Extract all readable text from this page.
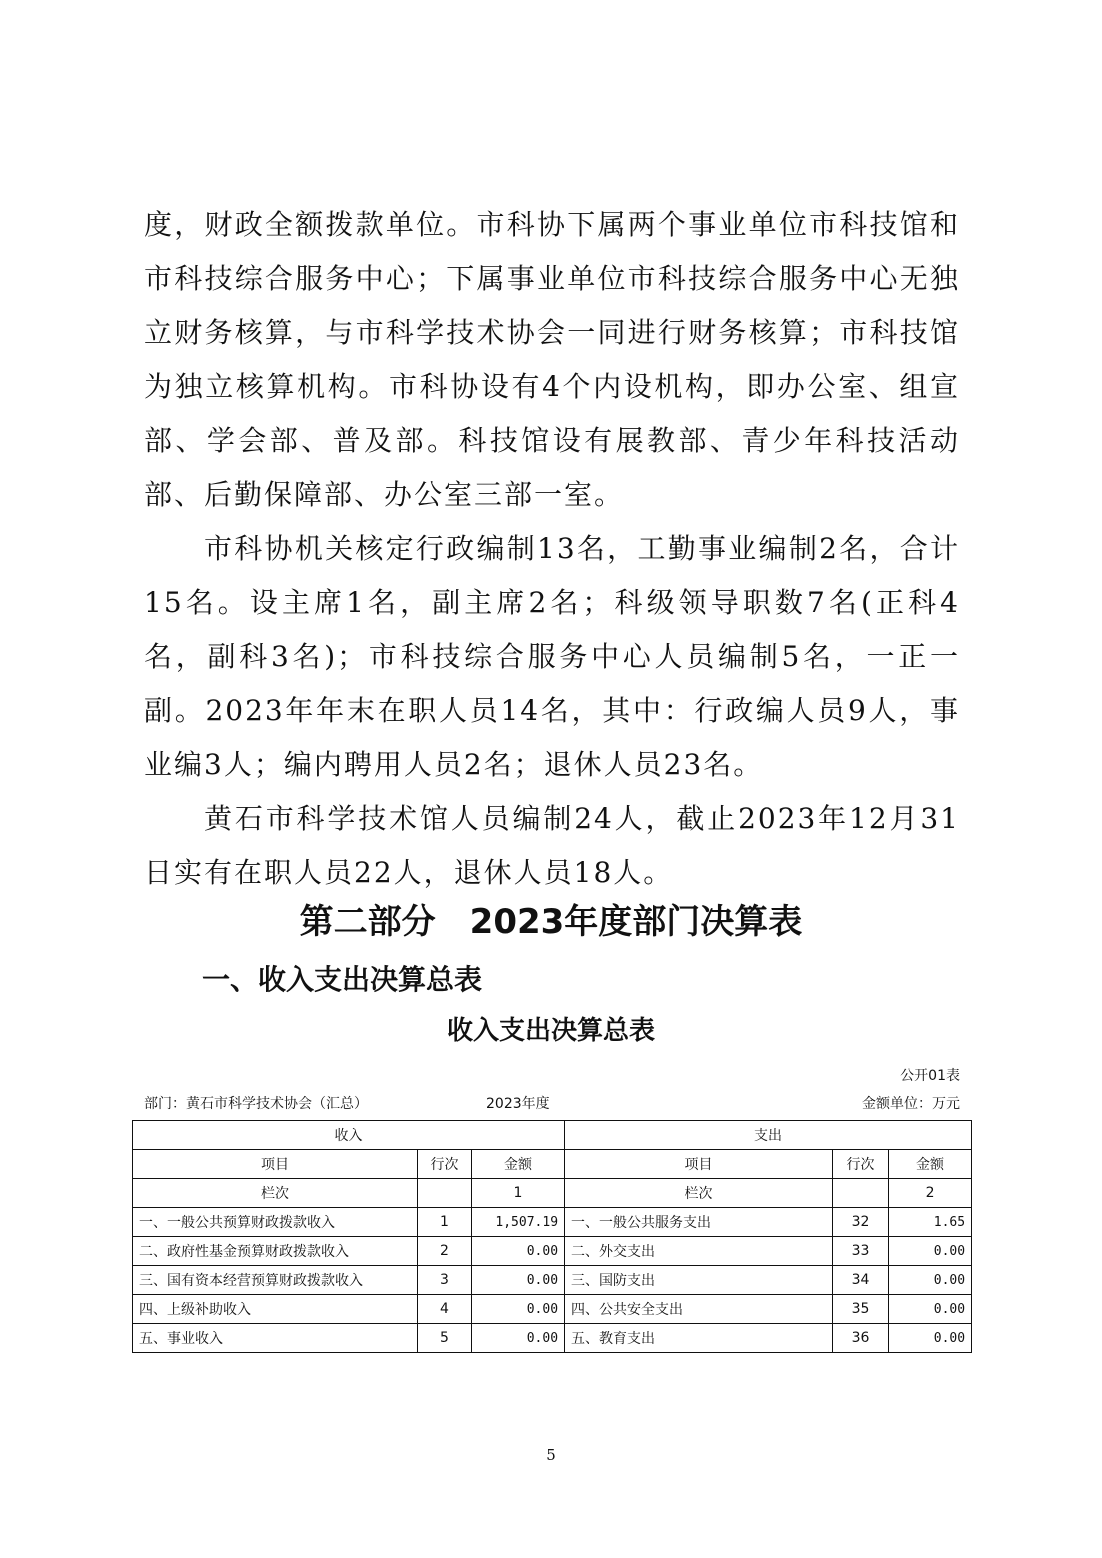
度，财政全额拨款单位。市科协下属两个事业单位市科技馆和市科技综合服务中心；下属事业单位市科技综合服务中心无独立财务核算，与市科学技术协会一同进行财务核算；市科技馆为独立核算机构。市科协设有4个内设机构，即办公室、组宣部、学会部、普及部。科技馆设有展教部、青少年科技活动部、后勤保障部、办公室三部一室。

市科协机关核定行政编制13名，工勤事业编制2名，合计15名。设主席1名，副主席2名；科级领导职数7名(正科4名，副科3名)；市科技综合服务中心人员编制5名，一正一副。2023年年末在职人员14名，其中：行政编人员9人，事业编3人；编内聘用人员2名；退休人员23名。

黄石市科学技术馆人员编制24人，截止2023年12月31日实有在职人员22人，退休人员18人。

第二部分　2023年度部门决算表
一、收入支出决算总表
收入支出决算总表
公开01表
部门：黄石市科学技术协会（汇总）	2023年度	金额单位：万元
收入			支出		
项目	行次	金额	项目	行次	金额
栏次		1	栏次		2
一、一般公共预算财政拨款收入	1	1,507.19	一、一般公共服务支出	32	1.65
二、政府性基金预算财政拨款收入	2	0.00	二、外交支出	33	0.00
三、国有资本经营预算财政拨款收入	3	0.00	三、国防支出	34	0.00
四、上级补助收入	4	0.00	四、公共安全支出	35	0.00
五、事业收入	5	0.00	五、教育支出	36	0.00
5
